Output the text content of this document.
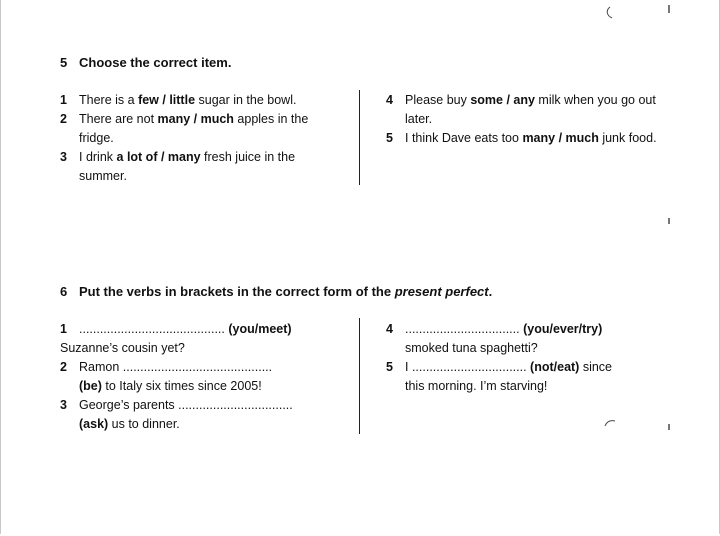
5 Choose the correct item.
1 There is a few / little sugar in the bowl.
2 There are not many / much apples in the fridge.
3 I drink a lot of / many fresh juice in the summer.
4 Please buy some / any milk when you go out later.
5 I think Dave eats too many / much junk food.
6 Put the verbs in brackets in the correct form of the present perfect.
1 .......................................... (you/meet)
Suzanne’s cousin yet?
2 Ramon ...........................................
(be) to Italy six times since 2005!
3 George’s parents .................................
(ask) us to dinner.
4 ................................. (you/ever/try)
smoked tuna spaghetti?
5 I ................................. (not/eat) since
this morning. I’m starving!
